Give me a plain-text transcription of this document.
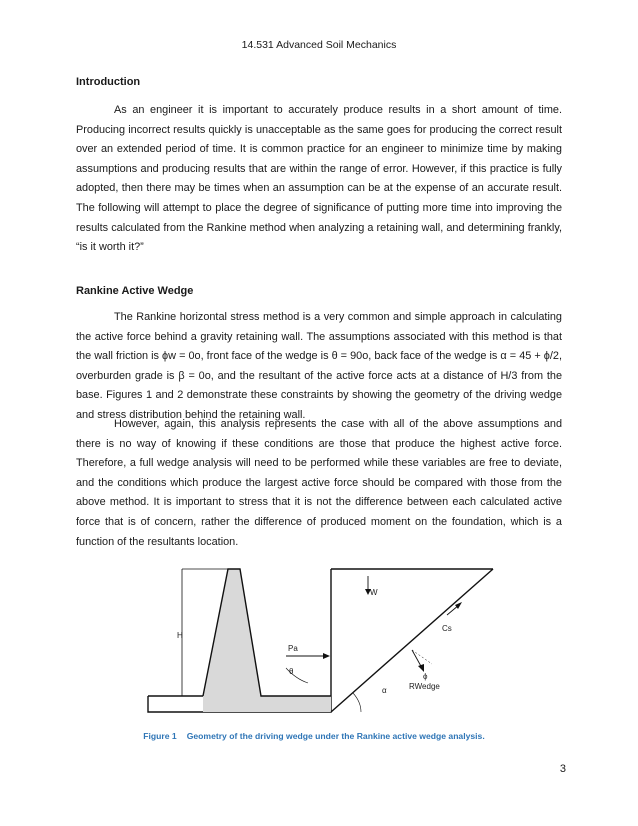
14.531 Advanced Soil Mechanics
Introduction

As an engineer it is important to accurately produce results in a short amount of time. Producing incorrect results quickly is unacceptable as the same goes for producing the correct result over an extended period of time. It is common practice for an engineer to minimize time by making assumptions and producing results that are within the range of error. However, if this practice is fully adopted, then there may be times when an assumption can be at the expense of an accurate result. The following will attempt to place the degree of significance of putting more time into improving the results calculated from the Rankine method when analyzing a retaining wall, and determining frankly, “is it worth it?”

Rankine Active Wedge

The Rankine horizontal stress method is a very common and simple approach in calculating the active force behind a gravity retaining wall. The assumptions associated with this method is that the wall friction is ϕw = 0o, front face of the wedge is θ = 90o, back face of the wedge is α = 45 + ϕ/2, overburden grade is β = 0o, and the resultant of the active force acts at a distance of H/3 from the base. Figures 1 and 2 demonstrate these constraints by showing the geometry of the driving wedge and stress distribution behind the retaining wall.

However, again, this analysis represents the case with all of the above assumptions and there is no way of knowing if these conditions are those that produce the highest active force. Therefore, a full wedge analysis will need to be performed while these variables are free to deviate, and the conditions which produce the largest active force should be compared with those from the above method. It is important to stress that it is not the difference between each calculated active force that is of concern, rather the difference of produced moment on the foundation, which is a function of the resultants location.

H
W
Cs
Pa
θ
ϕ
RWedge
α
Figure 1 Geometry of the driving wedge under the Rankine active wedge analysis.
3
